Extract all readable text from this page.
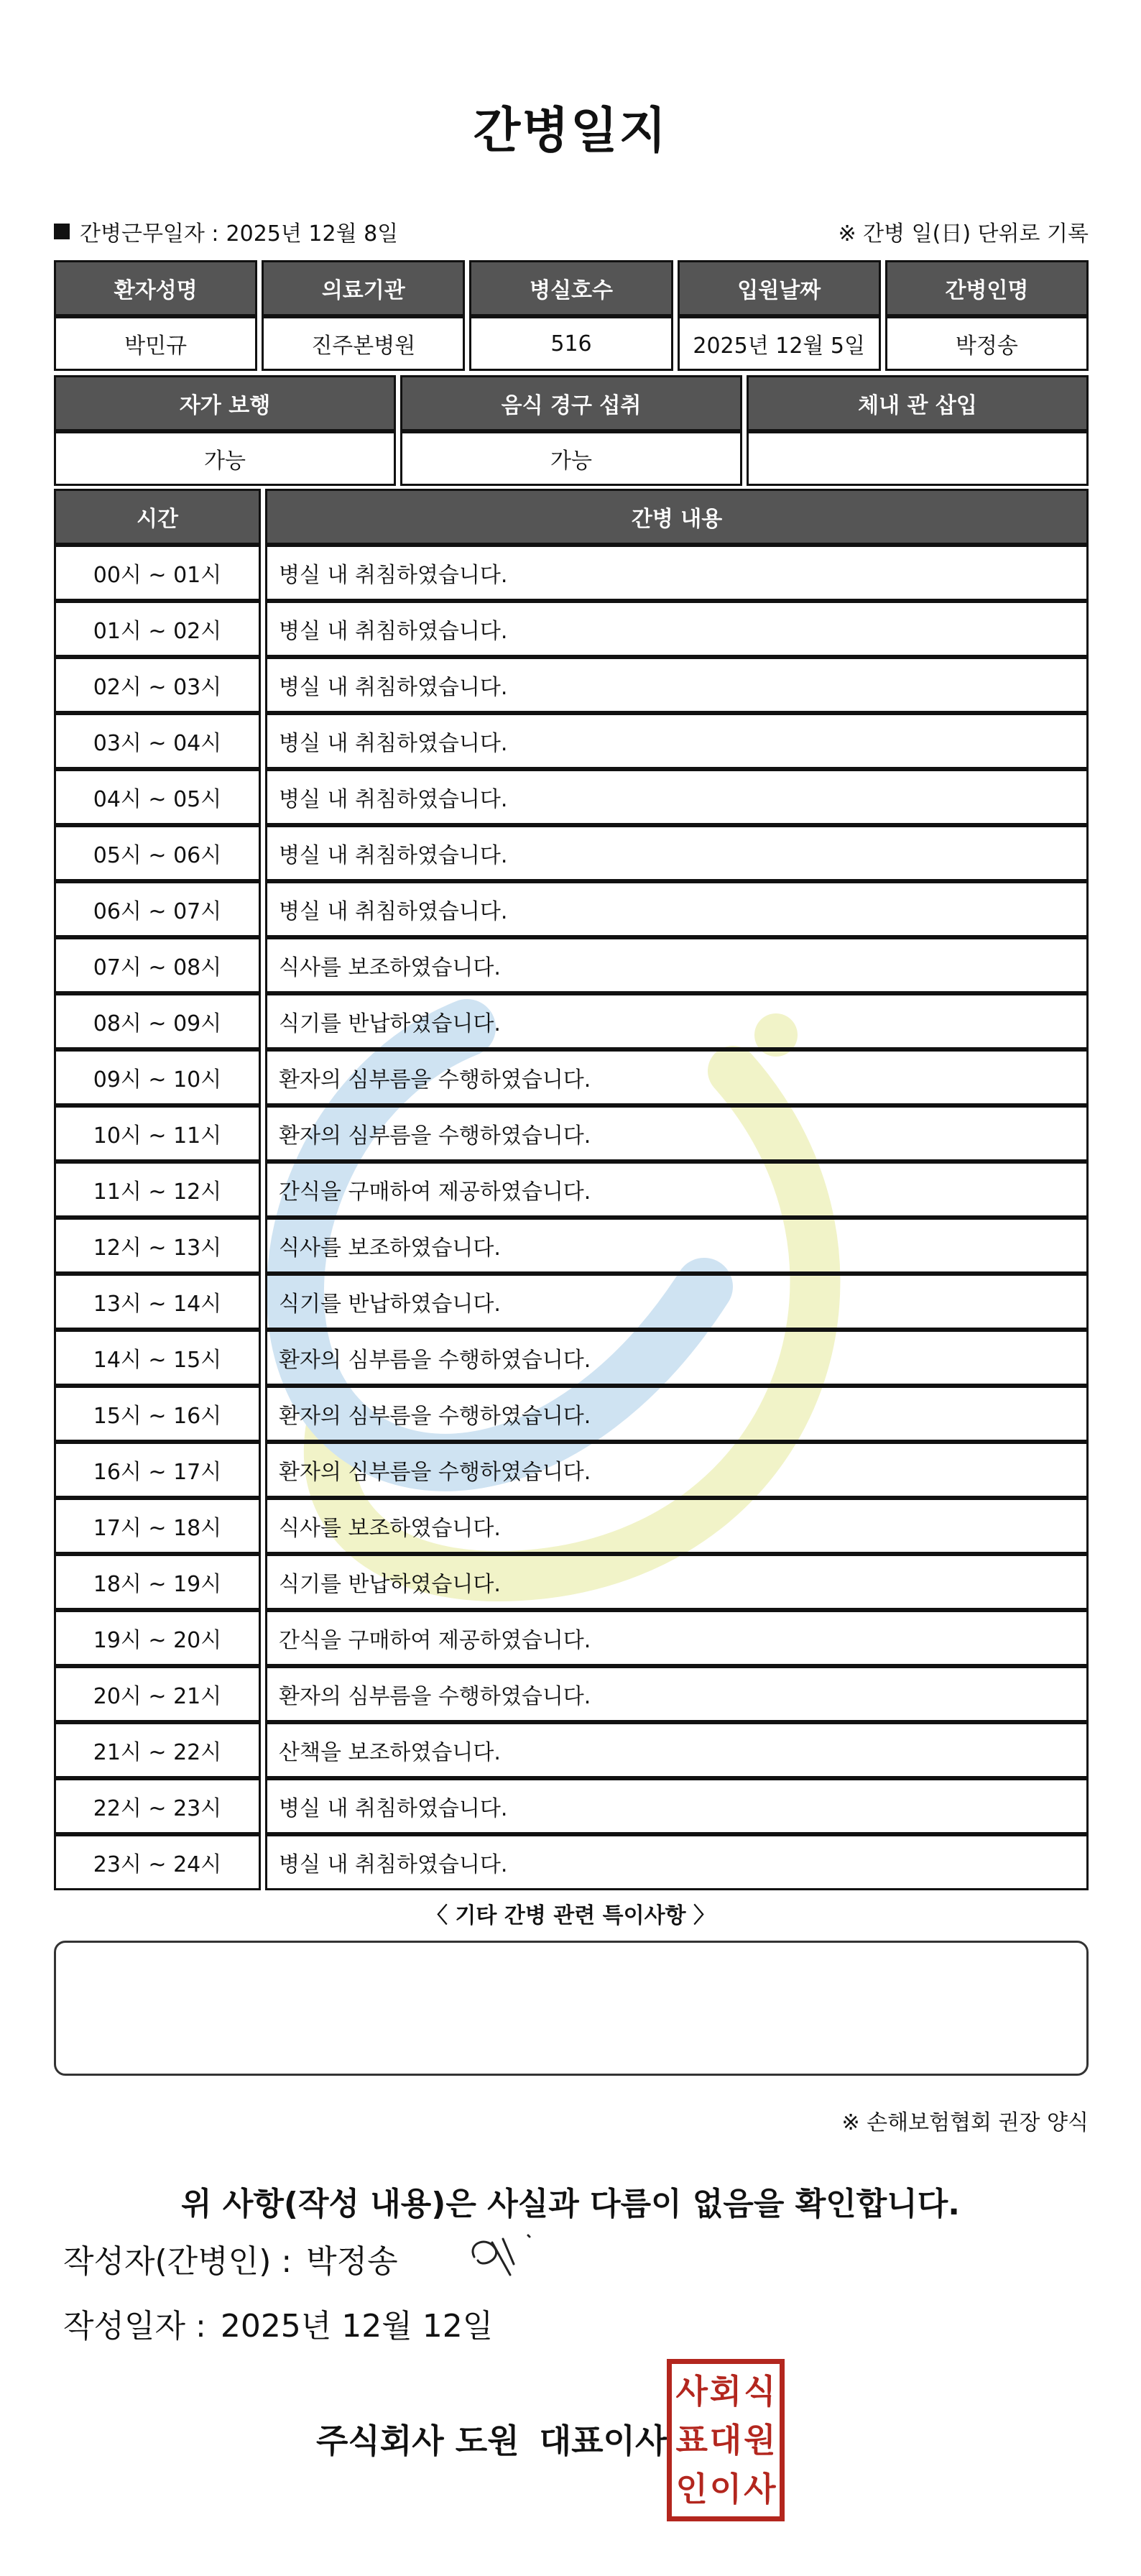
간병일지
간병근무일자 : 2025년 12월 8일	※ 간병 일(日) 단위로 기록
환자성명	의료기관	병실호수	입원날짜	간병인명
박민규	진주본병원	516	2025년 12월 5일	박정송
자가 보행	음식 경구 섭취	체내 관 삽입
가능	가능
시간	간병 내용
00시 ~ 01시	병실 내 취침하였습니다.
01시 ~ 02시	병실 내 취침하였습니다.
02시 ~ 03시	병실 내 취침하였습니다.
03시 ~ 04시	병실 내 취침하였습니다.
04시 ~ 05시	병실 내 취침하였습니다.
05시 ~ 06시	병실 내 취침하였습니다.
06시 ~ 07시	병실 내 취침하였습니다.
07시 ~ 08시	식사를 보조하였습니다.
08시 ~ 09시	식기를 반납하였습니다.
09시 ~ 10시	환자의 심부름을 수행하였습니다.
10시 ~ 11시	환자의 심부름을 수행하였습니다.
11시 ~ 12시	간식을 구매하여 제공하였습니다.
12시 ~ 13시	식사를 보조하였습니다.
13시 ~ 14시	식기를 반납하였습니다.
14시 ~ 15시	환자의 심부름을 수행하였습니다.
15시 ~ 16시	환자의 심부름을 수행하였습니다.
16시 ~ 17시	환자의 심부름을 수행하였습니다.
17시 ~ 18시	식사를 보조하였습니다.
18시 ~ 19시	식기를 반납하였습니다.
19시 ~ 20시	간식을 구매하여 제공하였습니다.
20시 ~ 21시	환자의 심부름을 수행하였습니다.
21시 ~ 22시	산책을 보조하였습니다.
22시 ~ 23시	병실 내 취침하였습니다.
23시 ~ 24시	병실 내 취침하였습니다.
〈 기타 간병 관련 특이사항 〉
※ 손해보험협회 권장 양식
위 사항(작성 내용)은 사실과 다름이 없음을 확인합니다.
작성자(간병인) : 박정송
작성일자 : 2025년 12월 12일
주식회사 도원 대표이사
사 회 식
표 대 원
인 이 사
